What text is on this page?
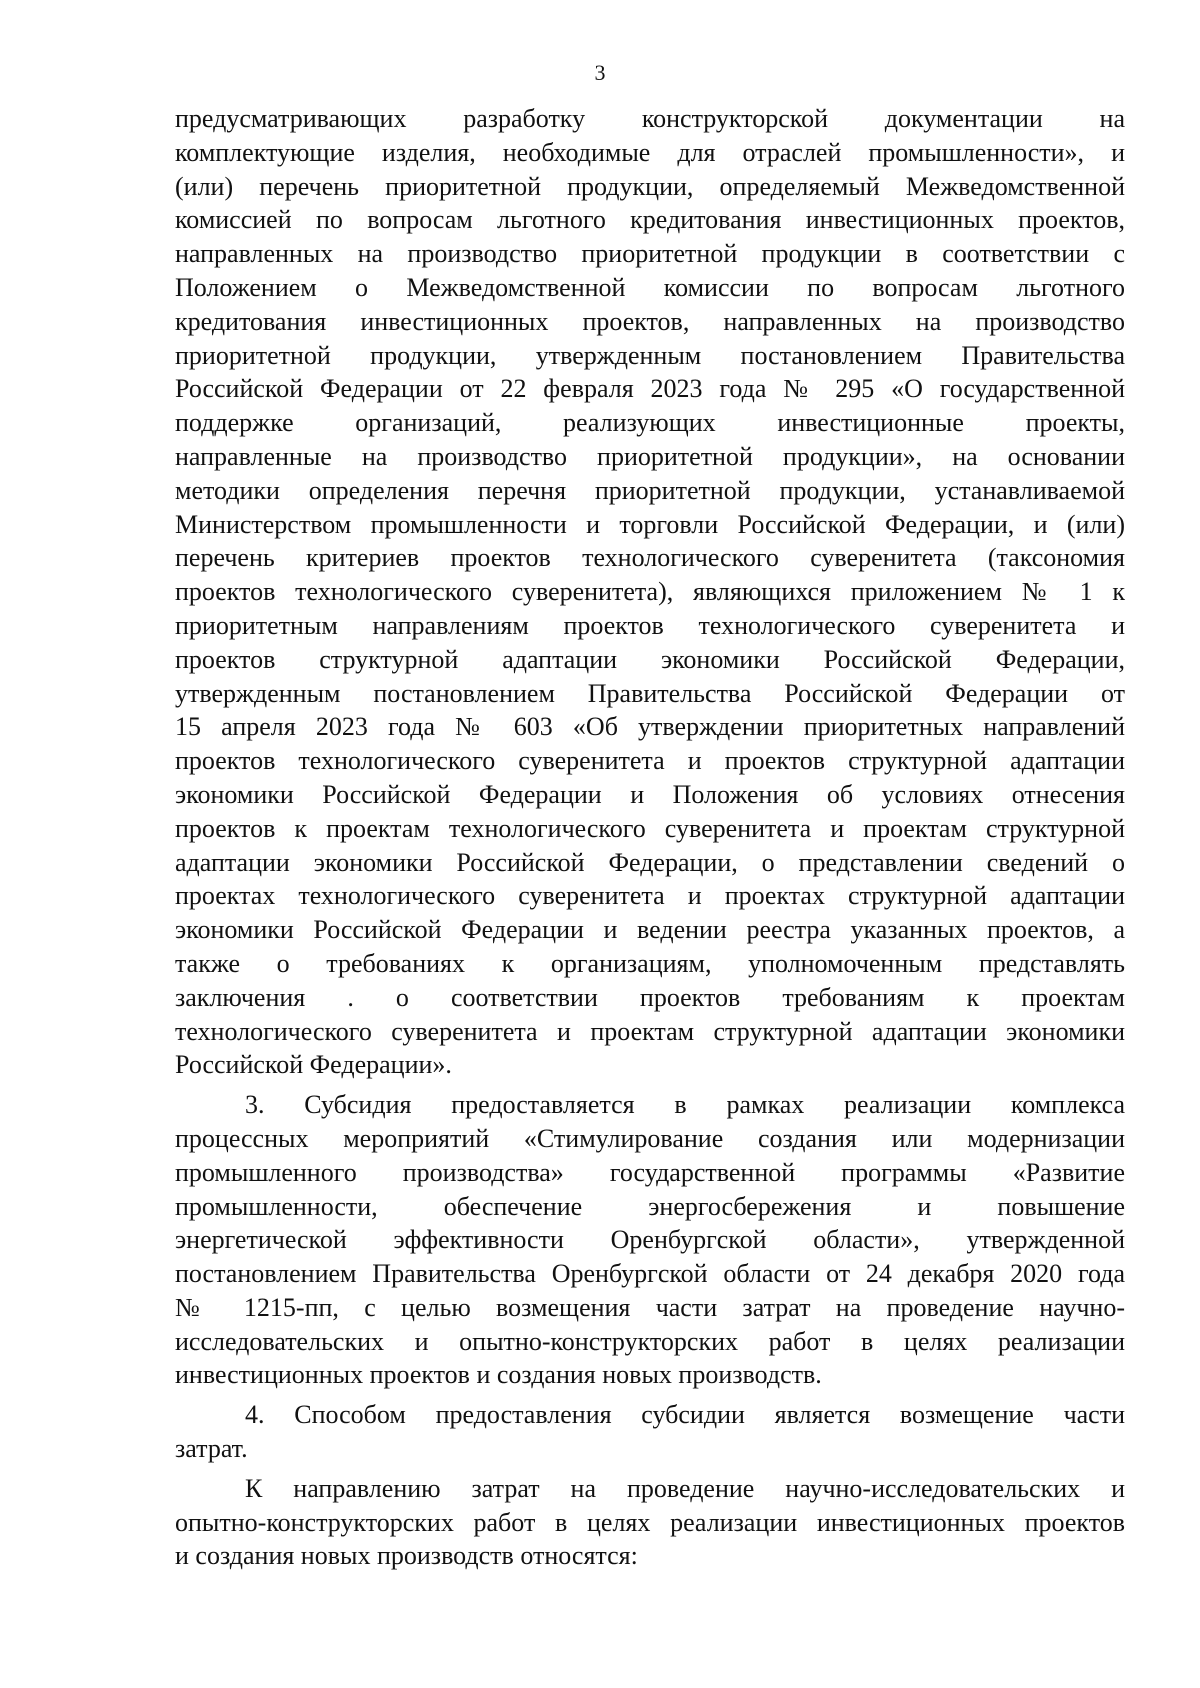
3
предусматривающих разработку конструкторской документации на
комплектующие изделия, необходимые для отраслей промышленности», и
(или) перечень приоритетной продукции, определяемый Межведомственной
комиссией по вопросам льготного кредитования инвестиционных проектов,
направленных на производство приоритетной продукции в соответствии с
Положением о Межведомственной комиссии по вопросам льготного
кредитования инвестиционных проектов, направленных на производство
приоритетной продукции, утвержденным постановлением Правительства
Российской Федерации от 22 февраля 2023 года № 295 «О государственной
поддержке организаций, реализующих инвестиционные проекты,
направленные на производство приоритетной продукции», на основании
методики определения перечня приоритетной продукции, устанавливаемой
Министерством промышленности и торговли Российской Федерации, и (или)
перечень критериев проектов технологического суверенитета (таксономия
проектов технологического суверенитета), являющихся приложением № 1 к
приоритетным направлениям проектов технологического суверенитета и
проектов структурной адаптации экономики Российской Федерации,
утвержденным постановлением Правительства Российской Федерации от
15 апреля 2023 года № 603 «Об утверждении приоритетных направлений
проектов технологического суверенитета и проектов структурной адаптации
экономики Российской Федерации и Положения об условиях отнесения
проектов к проектам технологического суверенитета и проектам структурной
адаптации экономики Российской Федерации, о представлении сведений о
проектах технологического суверенитета и проектах структурной адаптации
экономики Российской Федерации и ведении реестра указанных проектов, а
также о требованиях к организациям, уполномоченным представлять
заключения . о соответствии проектов требованиям к проектам
технологического суверенитета и проектам структурной адаптации экономики
Российской Федерации».
3. Субсидия предоставляется в рамках реализации комплекса
процессных мероприятий «Стимулирование создания или модернизации
промышленного производства» государственной программы «Развитие
промышленности, обеспечение энергосбережения и повышение
энергетической эффективности Оренбургской области», утвержденной
постановлением Правительства Оренбургской области от 24 декабря 2020 года
№ 1215-пп, с целью возмещения части затрат на проведение научно-
исследовательских и опытно-конструкторских работ в целях реализации
инвестиционных проектов и создания новых производств.
4. Способом предоставления субсидии является возмещение части
затрат.
К направлению затрат на проведение научно-исследовательских и
опытно-конструкторских работ в целях реализации инвестиционных проектов
и создания новых производств относятся:
